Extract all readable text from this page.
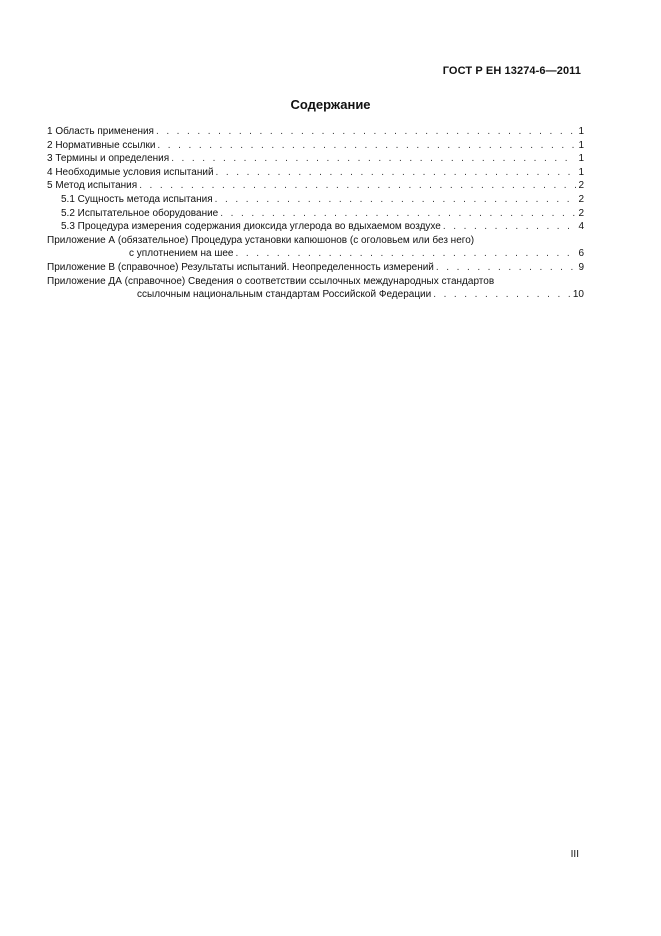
ГОСТ Р ЕН 13274-6—2011
Содержание
1 Область применения . . .	1
2 Нормативные ссылки . . .	1
3 Термины и определения . . .	1
4 Необходимые условия испытаний . . .	1
5 Метод испытания . . .	2
5.1 Сущность метода испытания . . .	2
5.2 Испытательное оборудование . . .	2
5.3 Процедура измерения содержания диоксида углерода во вдыхаемом воздухе . . .	4
Приложение А (обязательное) Процедура установки капюшонов (с оголовьем или без него)
с уплотнением на шее . . .	6
Приложение В (справочное) Результаты испытаний. Неопределенность измерений . . .	9
Приложение ДА (справочное) Сведения о соответствии ссылочных международных стандартов
ссылочным национальным стандартам Российской Федерации . . .	10
III
